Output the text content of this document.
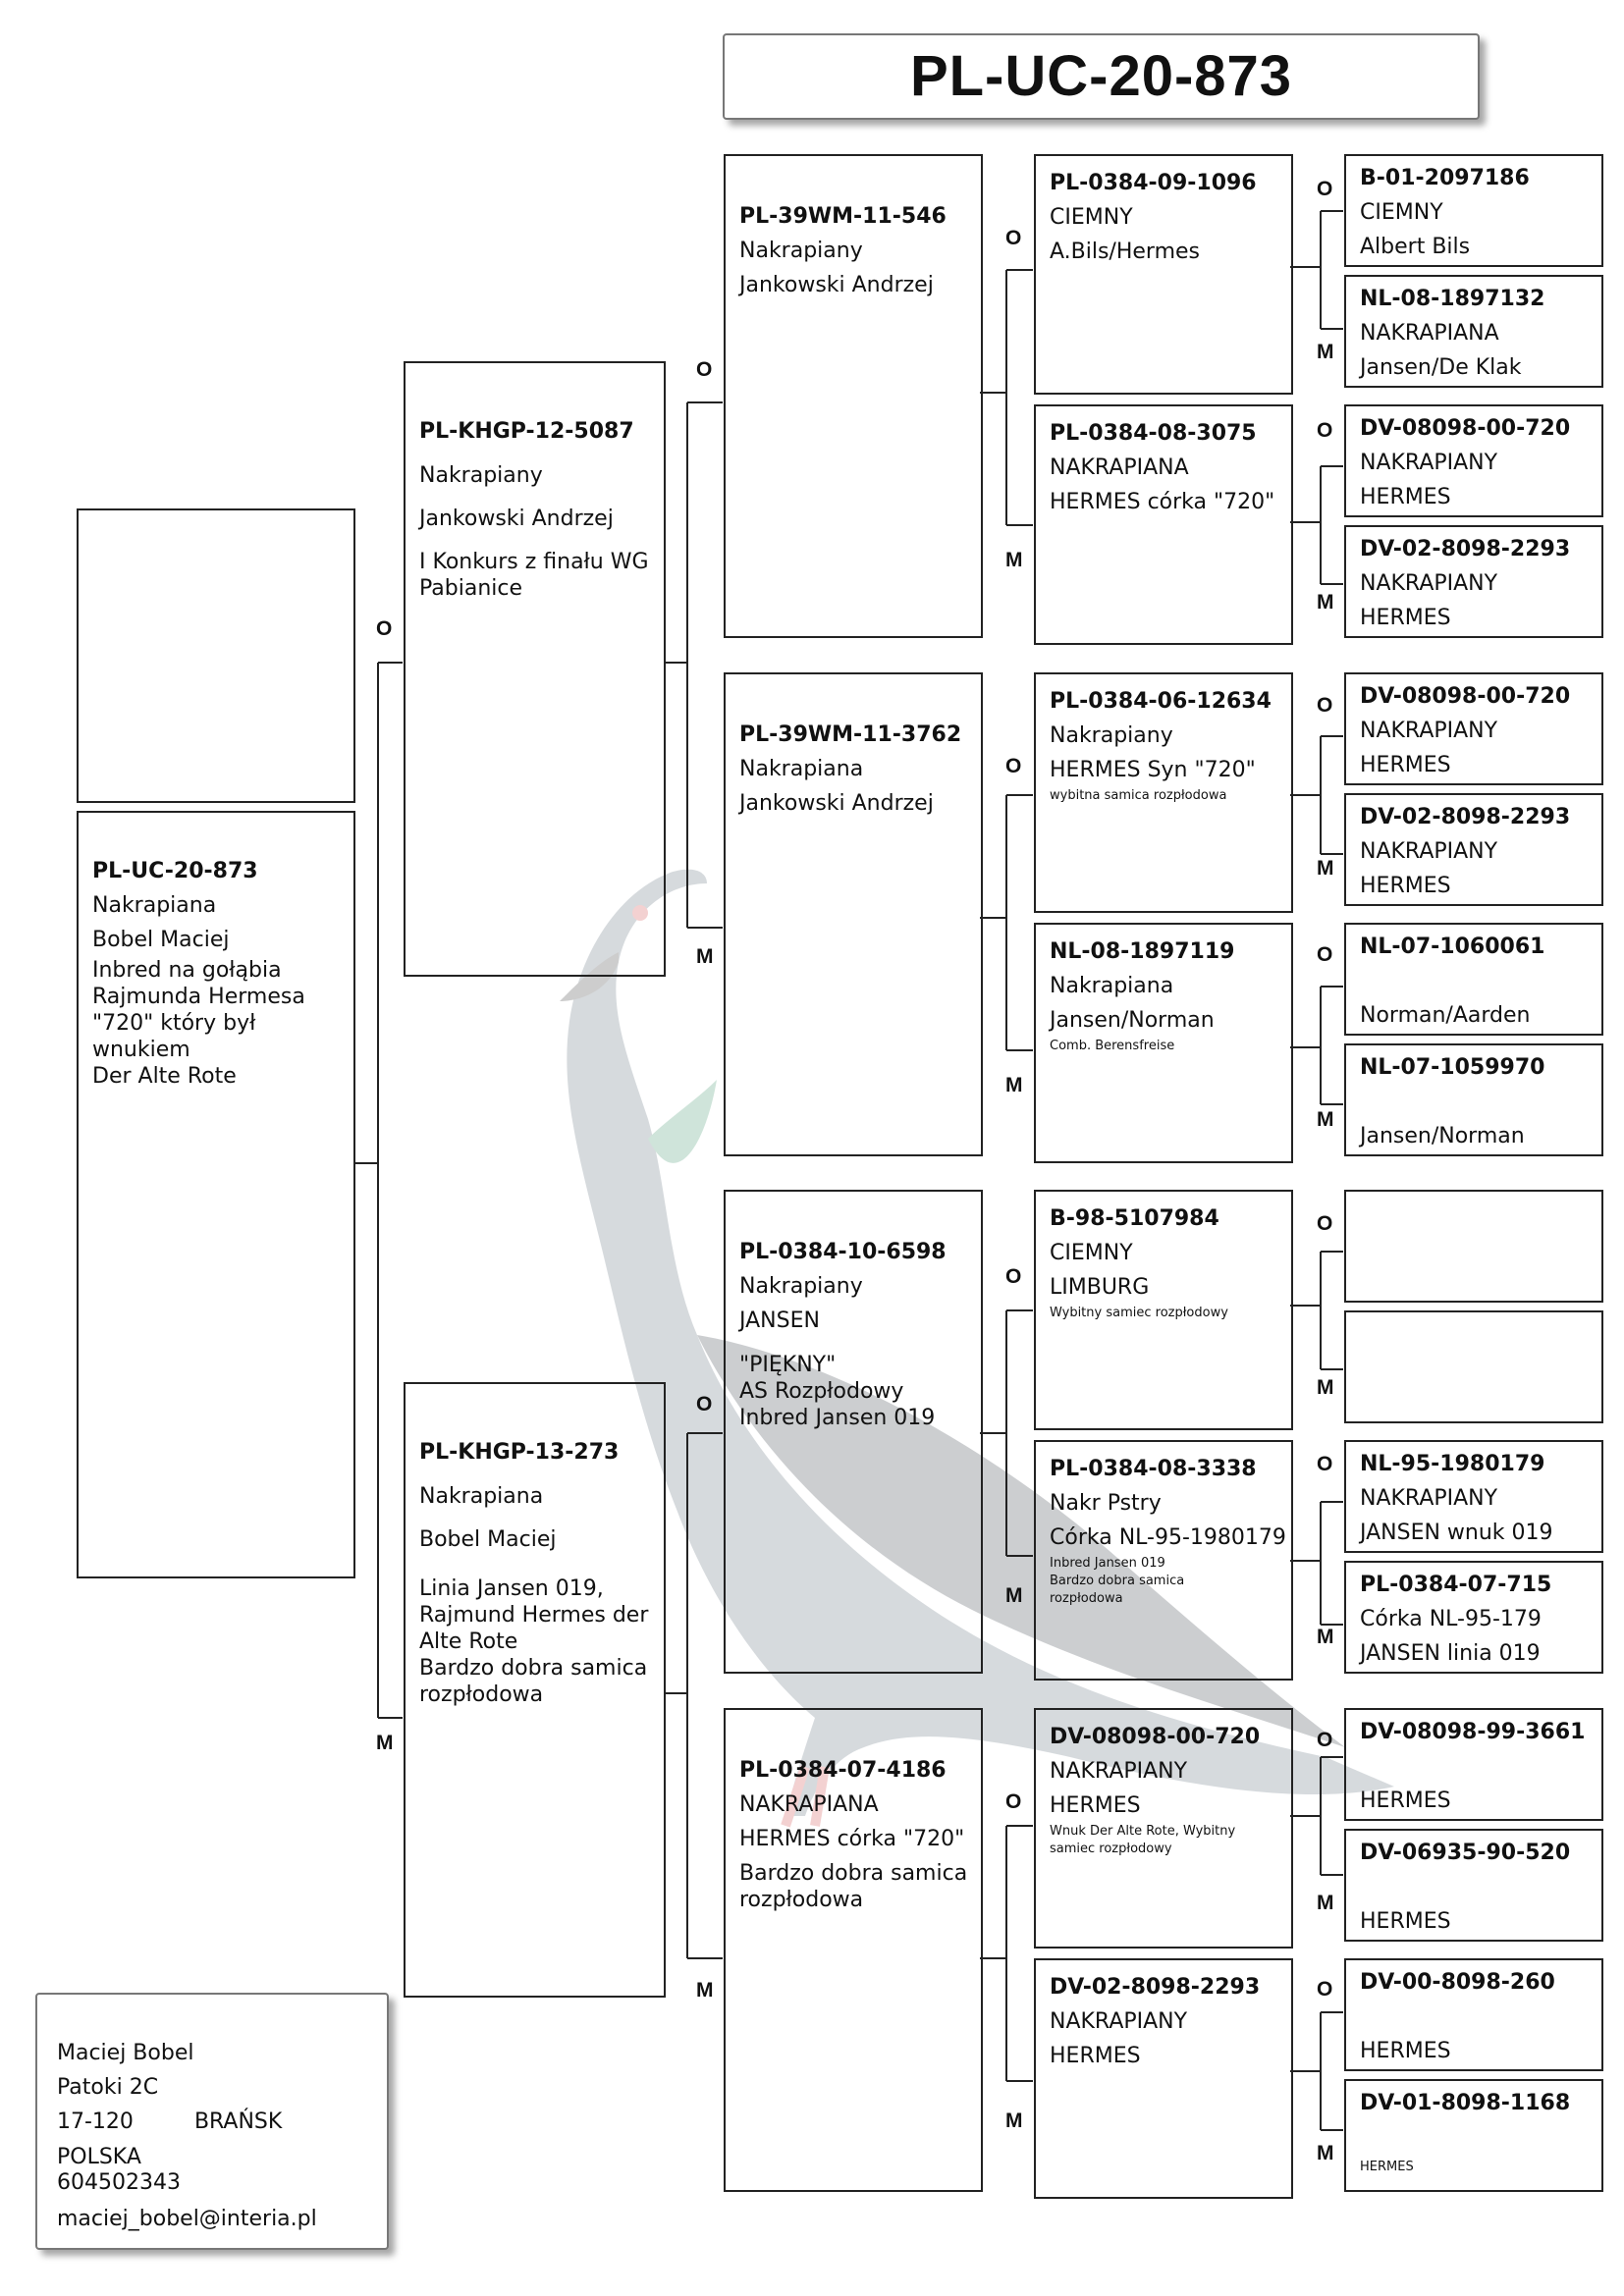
PL-UC-20-873
PL-UC-20-873
Nakrapiana
Bobel Maciej
Inbred na gołąbia
Rajmunda Hermesa
"720" który był wnukiem
Der Alte Rote
PL-KHGP-12-5087
Nakrapiany
Jankowski Andrzej
I Konkurs z finału WG
Pabianice
PL-KHGP-13-273
Nakrapiana
Bobel Maciej
Linia Jansen 019,
Rajmund Hermes der
Alte Rote
Bardzo dobra samica
rozpłodowa
PL-39WM-11-546
Nakrapiany
Jankowski Andrzej
PL-39WM-11-3762
Nakrapiana
Jankowski Andrzej
PL-0384-10-6598
Nakrapiany
JANSEN
"PIĘKNY"
AS Rozpłodowy
Inbred Jansen 019
PL-0384-07-4186
NAKRAPIANA
HERMES córka "720"
Bardzo dobra samica
rozpłodowa
PL-0384-09-1096
CIEMNY
A.Bils/Hermes
PL-0384-08-3075
NAKRAPIANA
HERMES córka "720"
PL-0384-06-12634
Nakrapiany
HERMES Syn "720"
wybitna samica rozpłodowa
NL-08-1897119
Nakrapiana
Jansen/Norman
Comb. Berensfreise
B-98-5107984
CIEMNY
LIMBURG
Wybitny samiec rozpłodowy
PL-0384-08-3338
Nakr Pstry
Córka NL-95-1980179
Inbred Jansen 019
Bardzo dobra samica
rozpłodowa
DV-08098-00-720
NAKRAPIANY
HERMES
Wnuk Der Alte Rote, Wybitny
samiec rozpłodowy
DV-02-8098-2293
NAKRAPIANY
HERMES
B-01-2097186
CIEMNY
Albert Bils
NL-08-1897132
NAKRAPIANA
Jansen/De Klak
DV-08098-00-720
NAKRAPIANY
HERMES
DV-02-8098-2293
NAKRAPIANY
HERMES
DV-08098-00-720
NAKRAPIANY
HERMES
DV-02-8098-2293
NAKRAPIANY
HERMES
NL-07-1060061

Norman/Aarden
NL-07-1059970

Jansen/Norman
NL-95-1980179
NAKRAPIANY
JANSEN wnuk 019
PL-0384-07-715
Córka NL-95-179
JANSEN linia 019
DV-08098-99-3661

HERMES
DV-06935-90-520

HERMES
DV-00-8098-260

HERMES
DV-01-8098-1168

HERMES
O
M
O
M
O
M
O
M
O
M
O
M
O
M
O
M
O
M
O
M
O
M
O
M
O
M
O
M
O
M
Maciej Bobel
Patoki 2C
17-120	BRAŃSK
POLSKA
604502343
maciej_bobel@interia.pl
